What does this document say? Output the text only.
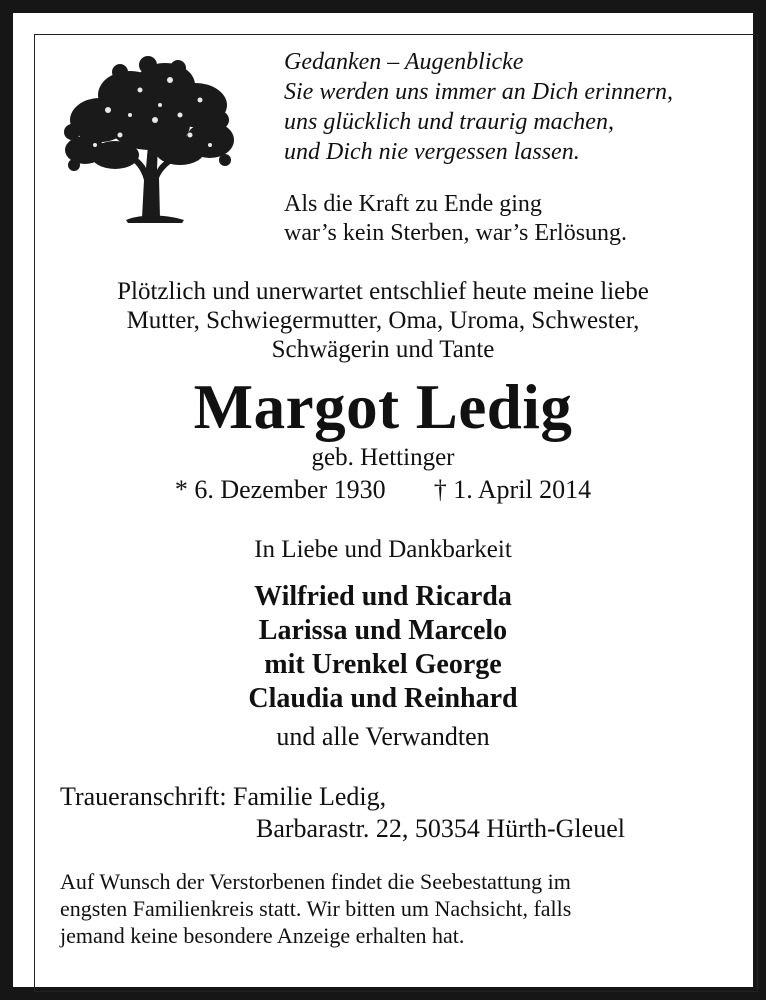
Gedanken – Augenblicke
Sie werden uns immer an Dich erinnern,
uns glücklich und traurig machen,
und Dich nie vergessen lassen.
Als die Kraft zu Ende ging
war’s kein Sterben, war’s Erlösung.
Plötzlich und unerwartet entschlief heute meine liebe
Mutter, Schwiegermutter, Oma, Uroma, Schwester,
Schwägerin und Tante
Margot Ledig
geb. Hettinger
* 6. Dezember 1930 † 1. April 2014
In Liebe und Dankbarkeit
Wilfried und Ricarda
Larissa und Marcelo
mit Urenkel George
Claudia und Reinhard
und alle Verwandten
Traueranschrift: Familie Ledig,
Barbarastr. 22, 50354 Hürth-Gleuel
Auf Wunsch der Verstorbenen findet die Seebestattung im
engsten Familienkreis statt. Wir bitten um Nachsicht, falls
jemand keine besondere Anzeige erhalten hat.
